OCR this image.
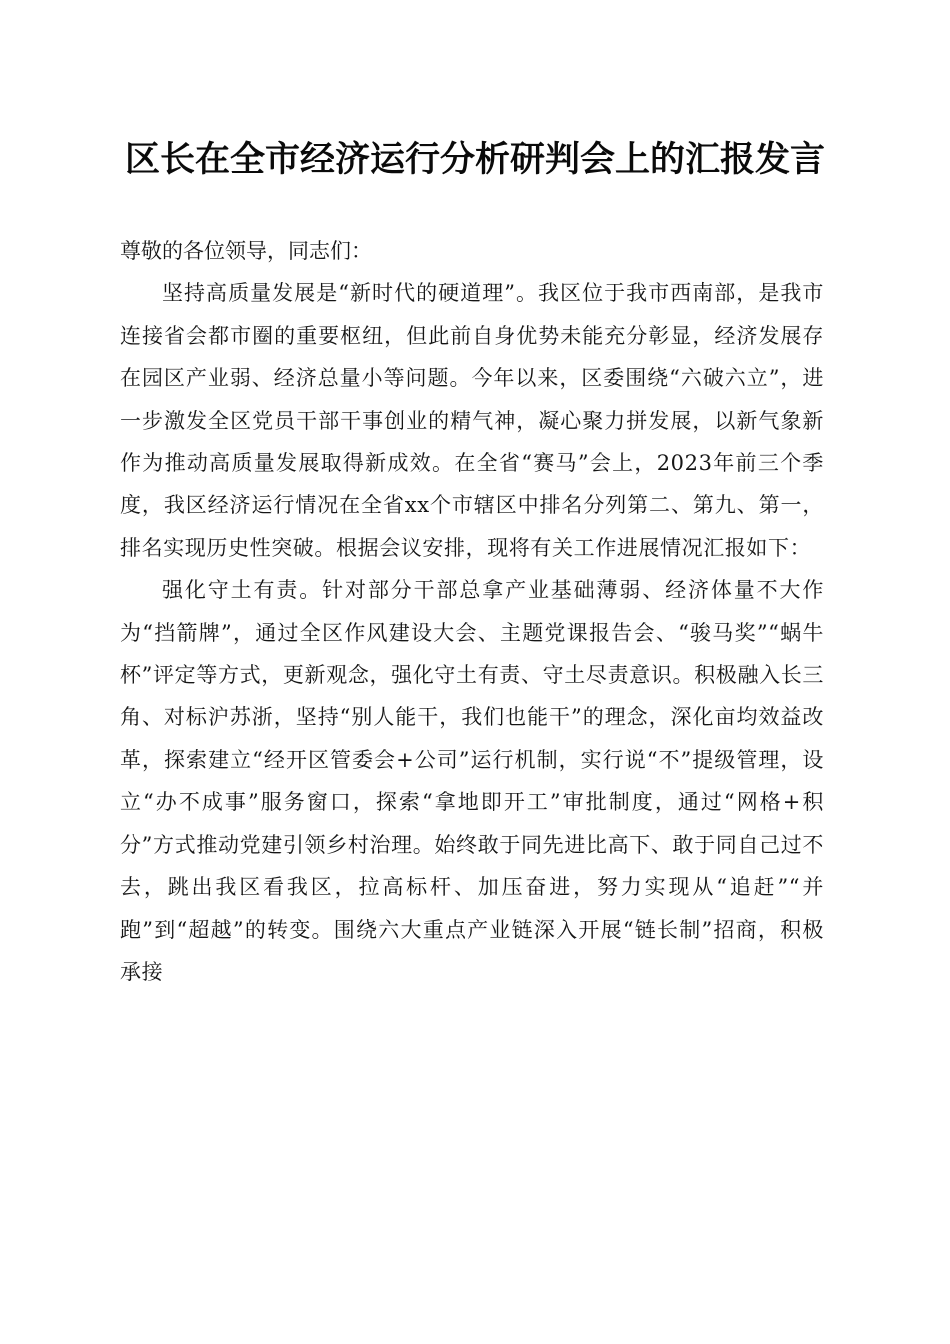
区长在全市经济运行分析研判会上的汇报发言

尊敬的各位领导，同志们：

坚持高质量发展是“新时代的硬道理”。我区位于我市西南部，是我市连接省会都市圈的重要枢纽，但此前自身优势未能充分彰显，经济发展存在园区产业弱、经济总量小等问题。今年以来，区委围绕“六破六立”，进一步激发全区党员干部干事创业的精气神，凝心聚力拼发展，以新气象新作为推动高质量发展取得新成效。在全省“赛马”会上，2023年前三个季度，我区经济运行情况在全省xx个市辖区中排名分列第二、第九、第一，排名实现历史性突破。根据会议安排，现将有关工作进展情况汇报如下：

强化守土有责。针对部分干部总拿产业基础薄弱、经济体量不大作为“挡箭牌”，通过全区作风建设大会、主题党课报告会、“骏马奖”“蜗牛杯”评定等方式，更新观念，强化守土有责、守土尽责意识。积极融入长三角、对标沪苏浙，坚持“别人能干，我们也能干”的理念，深化亩均效益改革，探索建立“经开区管委会+公司”运行机制，实行说“不”提级管理，设立“办不成事”服务窗口，探索“拿地即开工”审批制度，通过“网格+积分”方式推动党建引领乡村治理。始终敢于同先进比高下、敢于同自己过不去，跳出我区看我区，拉高标杆、加压奋进，努力实现从“追赶”“并跑”到“超越”的转变。围绕六大重点产业链深入开展“链长制”招商，积极承接
